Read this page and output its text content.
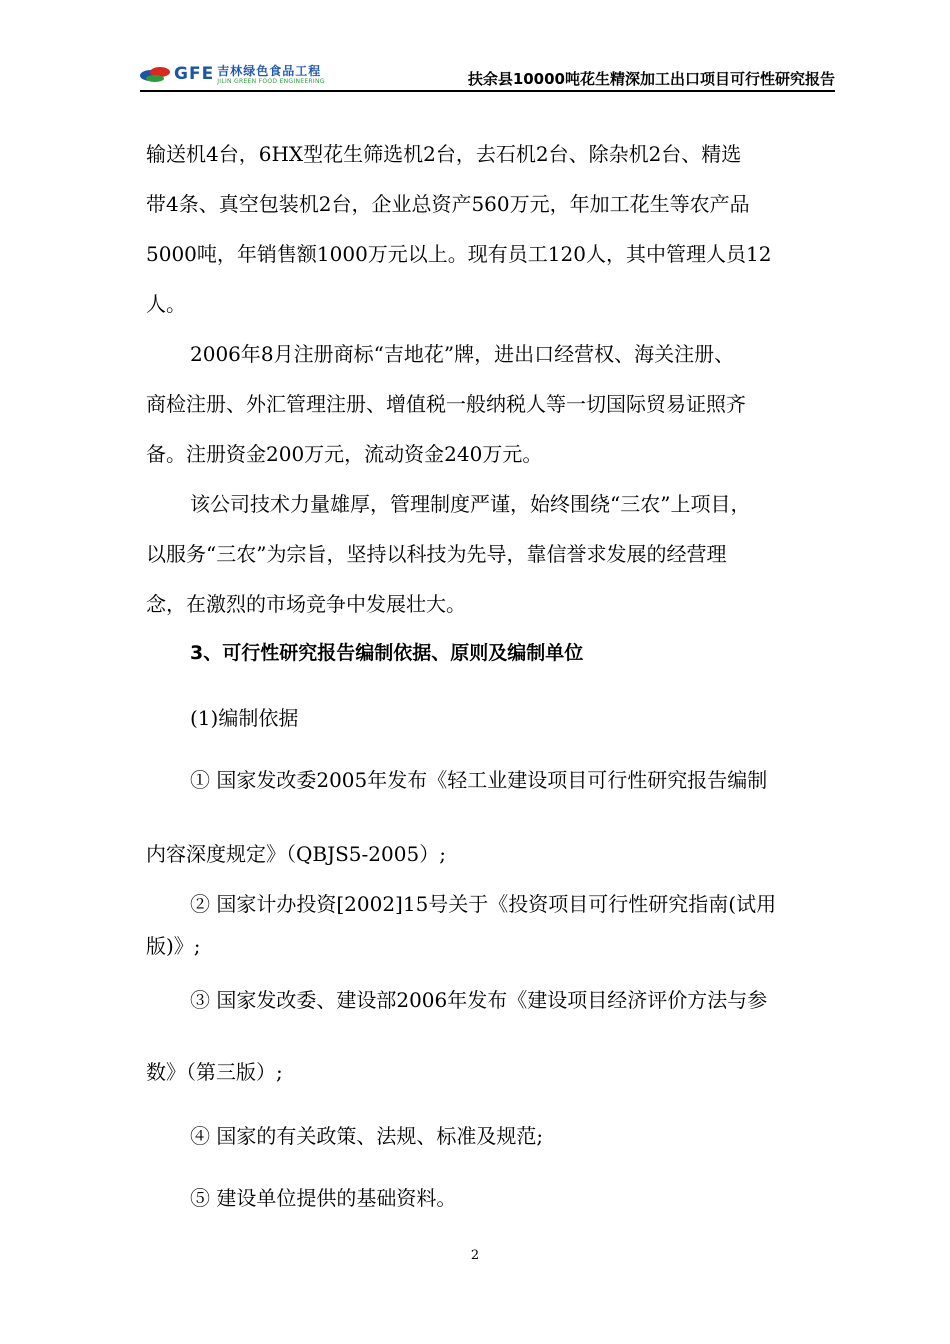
GFE 吉林绿色食品工程
JILIN GREEN FOOD ENGINEERING	扶余县10000吨花生精深加工出口项目可行性研究报告
输送机4台，6HX型花生筛选机2台，去石机2台、除杂机2台、精选
带4条、真空包装机2台，企业总资产560万元，年加工花生等农产品
5000吨，年销售额1000万元以上。现有员工120人，其中管理人员12
人。
2006年8月注册商标“吉地花”牌，进出口经营权、海关注册、
商检注册、外汇管理注册、增值税一般纳税人等一切国际贸易证照齐
备。注册资金200万元，流动资金240万元。
该公司技术力量雄厚，管理制度严谨，始终围绕“三农”上项目，
以服务“三农”为宗旨，坚持以科技为先导，靠信誉求发展的经营理
念，在激烈的市场竞争中发展壮大。
3、可行性研究报告编制依据、原则及编制单位
(1)编制依据
① 国家发改委2005年发布《轻工业建设项目可行性研究报告编制
内容深度规定》（QBJS5-2005）;
② 国家计办投资[2002]15号关于《投资项目可行性研究指南(试用
版)》;
③ 国家发改委、建设部2006年发布《建设项目经济评价方法与参
数》（第三版）;
④ 国家的有关政策、法规、标准及规范;
⑤ 建设单位提供的基础资料。
2
